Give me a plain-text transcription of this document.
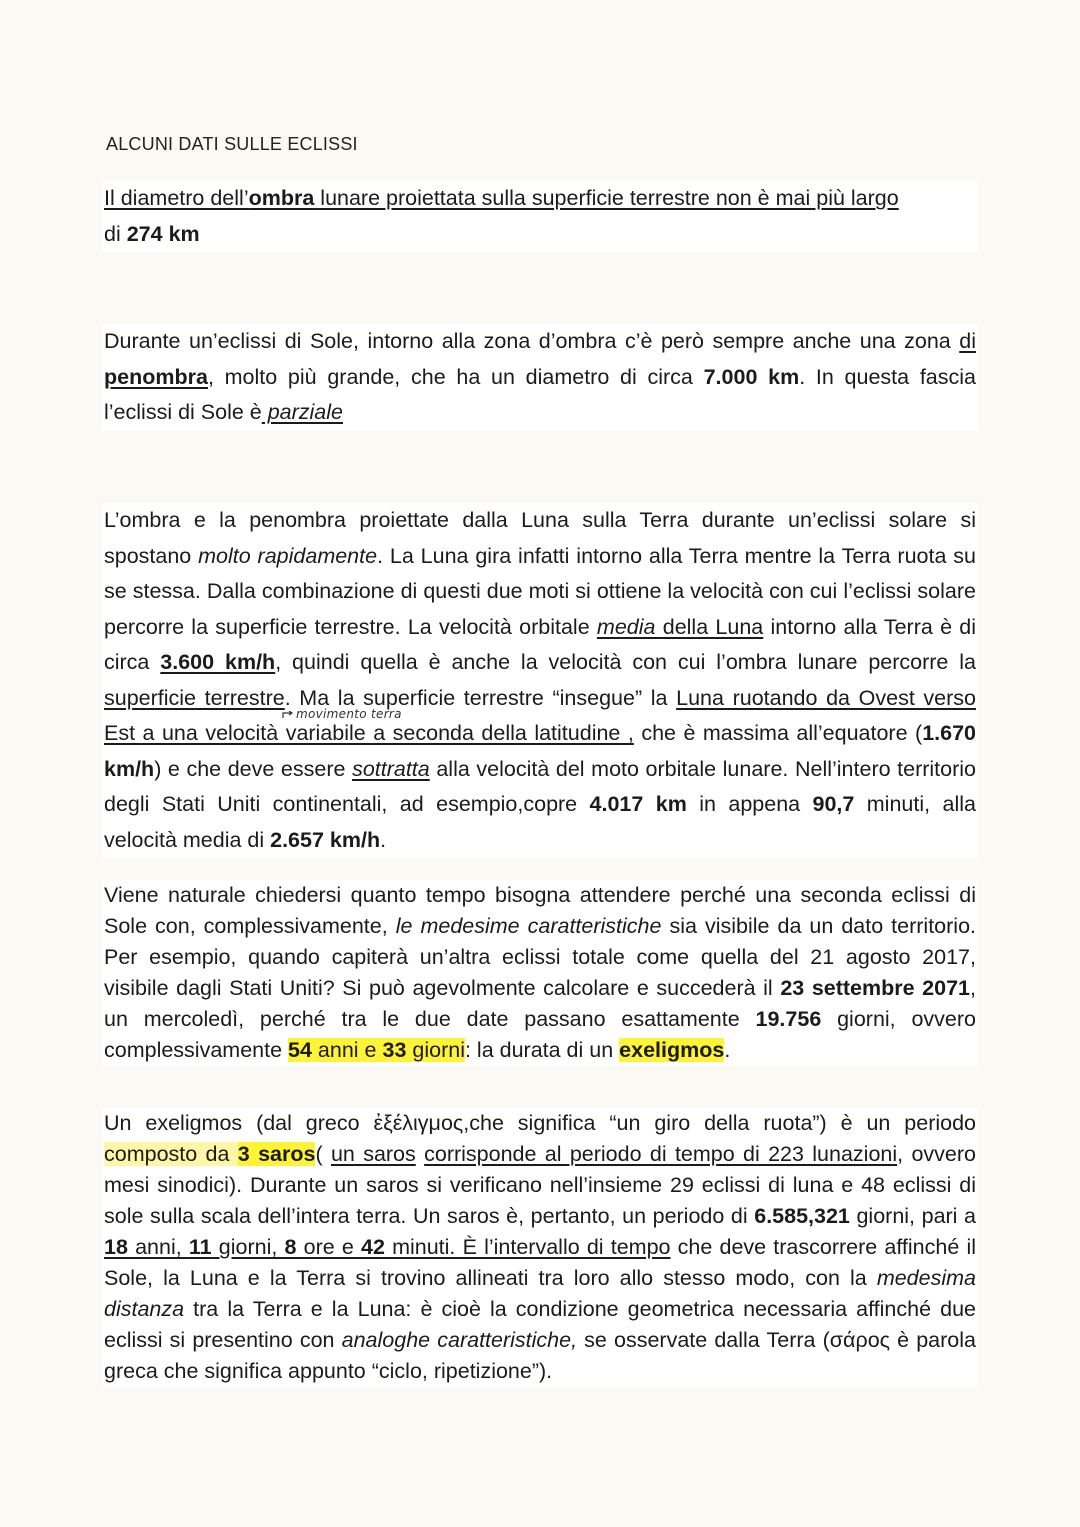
ALCUNI DATI SULLE ECLISSI
Il diametro dell’ombra lunare proiettata sulla superficie terrestre non è mai più largo
di 274 km
Durante un’eclissi di Sole, intorno alla zona d’ombra c’è però sempre anche una zona di penombra, molto più grande, che ha un diametro di circa 7.000 km. In questa fascia l’eclissi di Sole è parziale
L’ombra e la penombra proiettate dalla Luna sulla Terra durante un’eclissi solare si spostano molto rapidamente. La Luna gira infatti intorno alla Terra mentre la Terra ruota su se stessa. Dalla combinazione di questi due moti si ottiene la velocità con cui l’eclissi solare percorre la superficie terrestre. La velocità orbitale media della Luna intorno alla Terra è di circa 3.600 km/h, quindi quella è anche la velocità con cui l’ombra lunare percorre la superficie terrestre. Ma la superficie terrestre “insegue” la Luna ruotando da Ovest verso Est a una velocità variabile a seconda della latitudine , che è massima all’equatore (1.670 km/h) e che deve essere sottratta alla velocità del moto orbitale lunare. Nell’intero territorio degli Stati Uniti continentali, ad esempio,copre 4.017 km in appena 90,7 minuti, alla velocità media di 2.657 km/h.
movimento terra
Viene naturale chiedersi quanto tempo bisogna attendere perché una seconda eclissi di Sole con, complessivamente, le medesime caratteristiche sia visibile da un dato territorio. Per esempio, quando capiterà un’altra eclissi totale come quella del 21 agosto 2017, visibile dagli Stati Uniti? Si può agevolmente calcolare e succederà il 23 settembre 2071, un mercoledì, perché tra le due date passano esattamente 19.756 giorni, ovvero complessivamente 54 anni e 33 giorni: la durata di un exeligmos.
Un exeligmos (dal greco ἐξέλιγμος,che significa “un giro della ruota”) è un periodo composto da 3 saros( un saros corrisponde al periodo di tempo di 223 lunazioni, ovvero mesi sinodici). Durante un saros si verificano nell’insieme 29 eclissi di luna e 48 eclissi di sole sulla scala dell’intera terra. Un saros è, pertanto, un periodo di 6.585,321 giorni, pari a 18 anni, 11 giorni, 8 ore e 42 minuti. È l’intervallo di tempo che deve trascorrere affinché il Sole, la Luna e la Terra si trovino allineati tra loro allo stesso modo, con la medesima distanza tra la Terra e la Luna: è cioè la condizione geometrica necessaria affinché due eclissi si presentino con analoghe caratteristiche, se osservate dalla Terra (σάρος è parola greca che significa appunto “ciclo, ripetizione”).
